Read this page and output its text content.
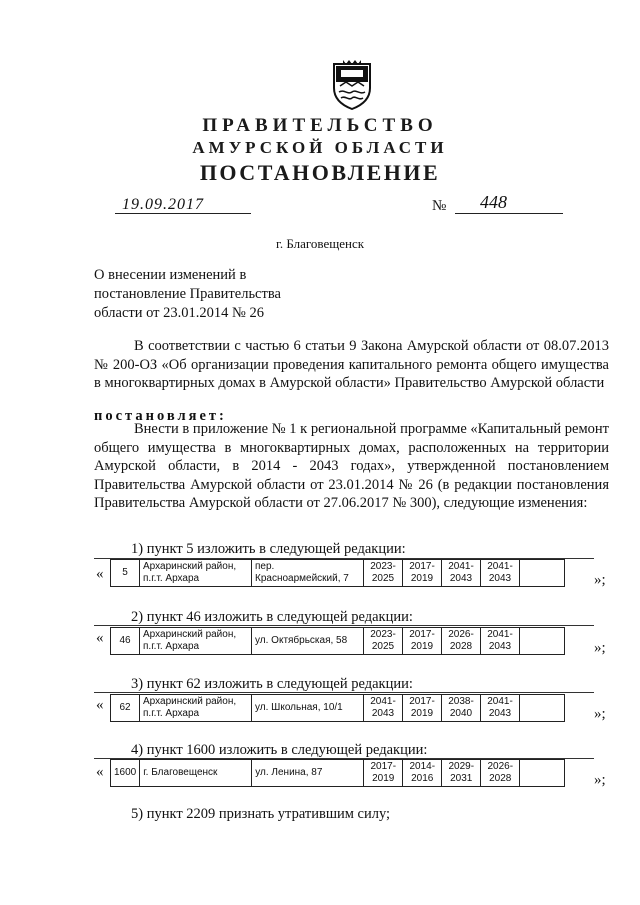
ПРАВИТЕЛЬСТВО
АМУРСКОЙ ОБЛАСТИ
ПОСТАНОВЛЕНИЕ
19.09.2017	№ 448
г. Благовещенск
О внесении изменений в
постановление Правительства
области от 23.01.2014 № 26
В соответствии с частью 6 статьи 9 Закона Амурской области от 08.07.2013 № 200-ОЗ «Об организации проведения капитального ремонта общего имущества в многоквартирных домах в Амурской области» Правительство Амурской области
постановляет:
Внести в приложение № 1 к региональной программе «Капитальный ремонт общего имущества в многоквартирных домах, расположенных на территории Амурской области, в 2014 - 2043 годах», утвержденной постановлением Правительства Амурской области от 23.01.2014 № 26 (в редакции постановления Правительства Амурской области от 27.06.2017 № 300), следующие изменения:
1) пункт 5 изложить в следующей редакции:
« 5	Архаринский район, п.г.т. Архара	пер. Красноармейский, 7	2023-2025	2017-2019	2041-2043	2041-2043		»;
2) пункт 46 изложить в следующей редакции:
« 46	Архаринский район, п.г.т. Архара	ул. Октябрьская, 58	2023-2025	2017-2019	2026-2028	2041-2043		»;
3) пункт 62 изложить в следующей редакции:
« 62	Архаринский район, п.г.т. Архара	ул. Школьная, 10/1	2041-2043	2017-2019	2038-2040	2041-2043		»;
4) пункт 1600 изложить в следующей редакции:
« 1600	г. Благовещенск	ул. Ленина, 87	2017-2019	2014-2016	2029-2031	2026-2028		»;
5) пункт 2209 признать утратившим силу;
